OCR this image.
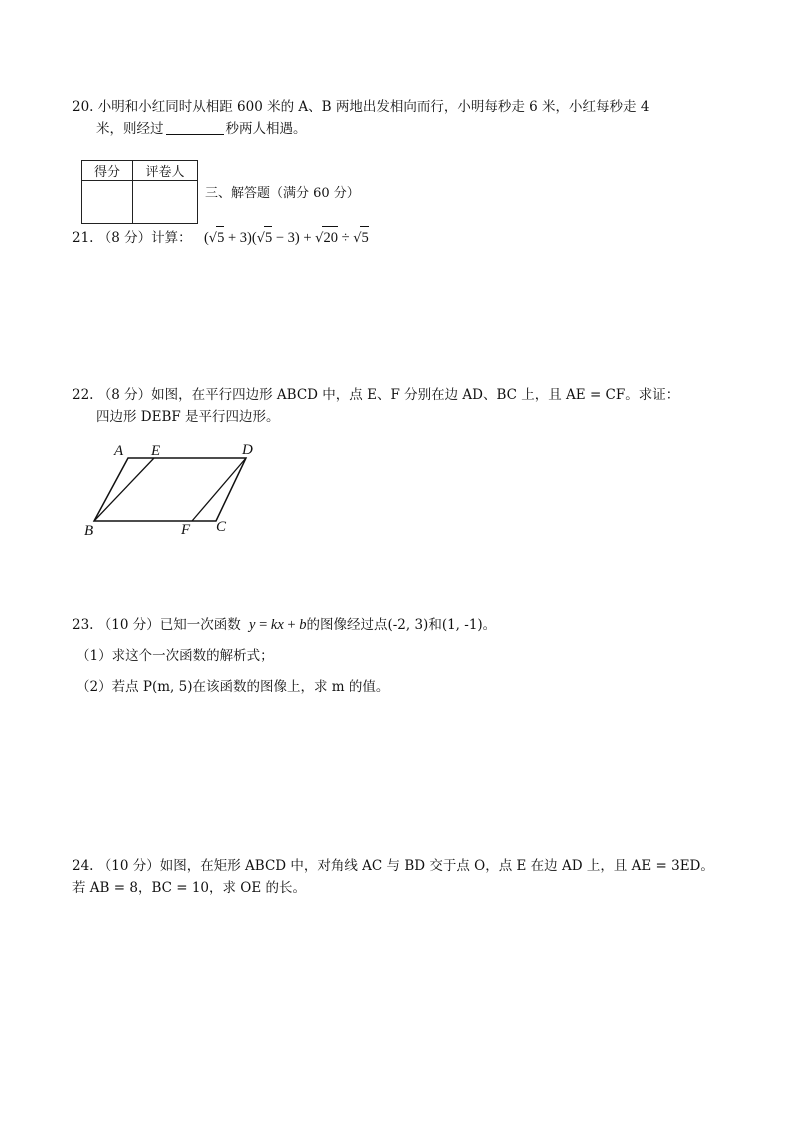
20. 小明和小红同时从相距 600 米的 A、B 两地出发相向而行，小明每秒走 6 米，小红每秒走 4
米，则经过	秒两人相遇。
得分	评卷人

三、解答题（满分 60 分）
21. （8 分）计算： (√5 + 3)(√5 − 3) + √20 ÷ √5
22. （8 分）如图，在平行四边形 ABCD 中，点 E、F 分别在边 AD、BC 上，且 AE = CF。求证：
四边形 DEBF 是平行四边形。
A E	D
B	F C
23. （10 分）已知一次函数 y = kx + b的图像经过点(-2, 3)和(1, -1)。
（1）求这个一次函数的解析式；
（2）若点 P(m, 5)在该函数的图像上，求 m 的值。
24. （10 分）如图，在矩形 ABCD 中，对角线 AC 与 BD 交于点 O，点 E 在边 AD 上，且 AE = 3ED。
若 AB = 8，BC = 10，求 OE 的长。
